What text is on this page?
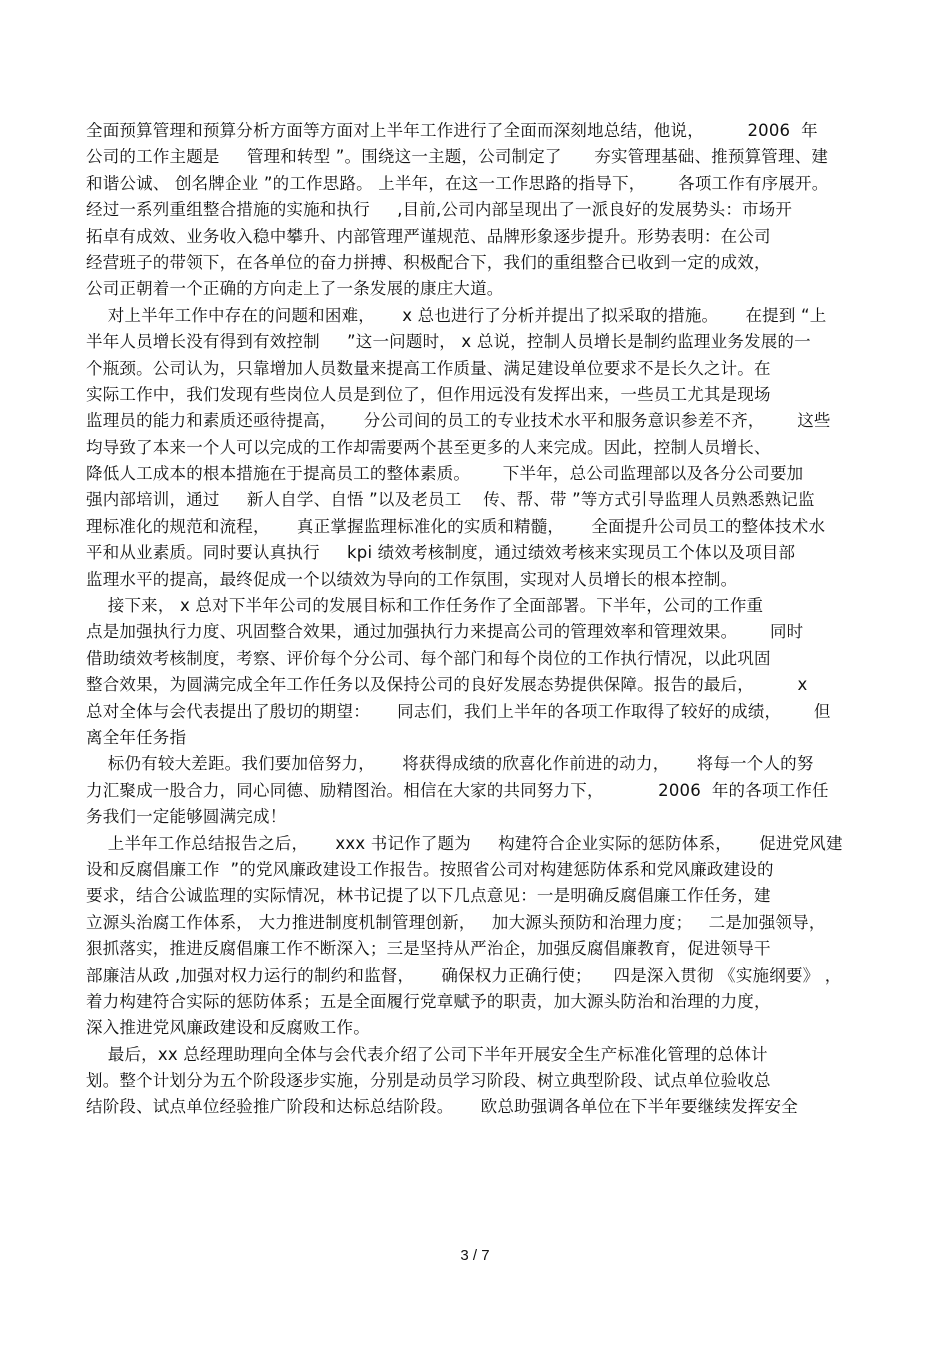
全面预算管理和预算分析方面等方面对上半年工作进行了全面而深刻地总结，他说，        2006  年
公司的工作主题是     管理和转型 ”。围绕这一主题，公司制定了      夯实管理基础、推预算管理、建
和谐公诚、 创名牌企业 ”的工作思路。 上半年，在这一工作思路的指导下，      各项工作有序展开。
经过一系列重组整合措施的实施和执行     ,目前,公司内部呈现出了一派良好的发展势头：市场开
拓卓有成效、业务收入稳中攀升、内部管理严谨规范、品牌形象逐步提升。形势表明：在公司
经营班子的带领下，在各单位的奋力拼搏、积极配合下，我们的重组整合已收到一定的成效，
公司正朝着一个正确的方向走上了一条发展的康庄大道。
对上半年工作中存在的问题和困难，     x 总也进行了分析并提出了拟采取的措施。     在提到 “上
半年人员增长没有得到有效控制     ”这一问题时， x 总说，控制人员增长是制约监理业务发展的一
个瓶颈。公司认为，只靠增加人员数量来提高工作质量、满足建设单位要求不是长久之计。在
实际工作中，我们发现有些岗位人员是到位了，但作用远没有发挥出来，一些员工尤其是现场
监理员的能力和素质还亟待提高，     分公司间的员工的专业技术水平和服务意识参差不齐，      这些
均导致了本来一个人可以完成的工作却需要两个甚至更多的人来完成。因此，控制人员增长、
降低人工成本的根本措施在于提高员工的整体素质。      下半年，总公司监理部以及各分公司要加
强内部培训，通过     新人自学、自悟 ”以及老员工    传、帮、带 ”等方式引导监理人员熟悉熟记监
理标准化的规范和流程，     真正掌握监理标准化的实质和精髓，     全面提升公司员工的整体技术水
平和从业素质。同时要认真执行     kpi 绩效考核制度，通过绩效考核来实现员工个体以及项目部
监理水平的提高，最终促成一个以绩效为导向的工作氛围，实现对人员增长的根本控制。
接下来， x 总对下半年公司的发展目标和工作任务作了全面部署。下半年，公司的工作重
点是加强执行力度、巩固整合效果，通过加强执行力来提高公司的管理效率和管理效果。      同时
借助绩效考核制度，考察、评价每个分公司、每个部门和每个岗位的工作执行情况，以此巩固
整合效果，为圆满完成全年工作任务以及保持公司的良好发展态势提供保障。报告的最后，        x
总对全体与会代表提出了殷切的期望：     同志们，我们上半年的各项工作取得了较好的成绩，      但
离全年任务指
标仍有较大差距。我们要加倍努力，     将获得成绩的欣喜化作前进的动力，     将每一个人的努
力汇聚成一股合力，同心同德、励精图治。相信在大家的共同努力下，          2006  年的各项工作任
务我们一定能够圆满完成！
上半年工作总结报告之后，     xxx 书记作了题为     构建符合企业实际的惩防体系，     促进党风建
设和反腐倡廉工作  ”的党风廉政建设工作报告。按照省公司对构建惩防体系和党风廉政建设的
要求，结合公诚监理的实际情况，林书记提了以下几点意见：一是明确反腐倡廉工作任务，建
立源头治腐工作体系， 大力推进制度机制管理创新，   加大源头预防和治理力度；   二是加强领导，
狠抓落实，推进反腐倡廉工作不断深入；三是坚持从严治企，加强反腐倡廉教育，促进领导干
部廉洁从政 ,加强对权力运行的制约和监督，     确保权力正确行使；    四是深入贯彻 《实施纲要》 ，
着力构建符合实际的惩防体系；五是全面履行党章赋予的职责，加大源头防治和治理的力度，
深入推进党风廉政建设和反腐败工作。
最后，xx 总经理助理向全体与会代表介绍了公司下半年开展安全生产标准化管理的总体计
划。整个计划分为五个阶段逐步实施，分别是动员学习阶段、树立典型阶段、试点单位验收总
结阶段、试点单位经验推广阶段和达标总结阶段。     欧总助强调各单位在下半年要继续发挥安全
3 / 7
